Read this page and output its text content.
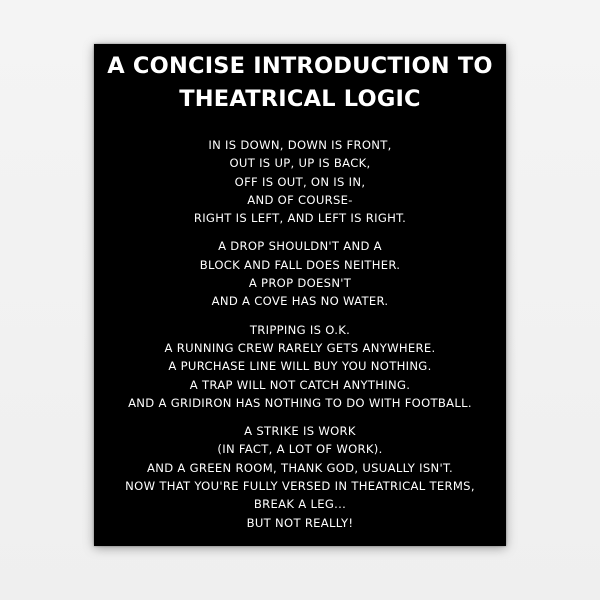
A CONCISE INTRODUCTION TO
THEATRICAL LOGIC
IN IS DOWN, DOWN IS FRONT,
OUT IS UP, UP IS BACK,
OFF IS OUT, ON IS IN,
AND OF COURSE-
RIGHT IS LEFT, AND LEFT IS RIGHT.
A DROP SHOULDN'T AND A
BLOCK AND FALL DOES NEITHER.
A PROP DOESN'T
AND A COVE HAS NO WATER.
TRIPPING IS O.K.
A RUNNING CREW RARELY GETS ANYWHERE.
A PURCHASE LINE WILL BUY YOU NOTHING.
A TRAP WILL NOT CATCH ANYTHING.
AND A GRIDIRON HAS NOTHING TO DO WITH FOOTBALL.
A STRIKE IS WORK
(IN FACT, A LOT OF WORK).
AND A GREEN ROOM, THANK GOD, USUALLY ISN'T.
NOW THAT YOU'RE FULLY VERSED IN THEATRICAL TERMS,
BREAK A LEG...
BUT NOT REALLY!
